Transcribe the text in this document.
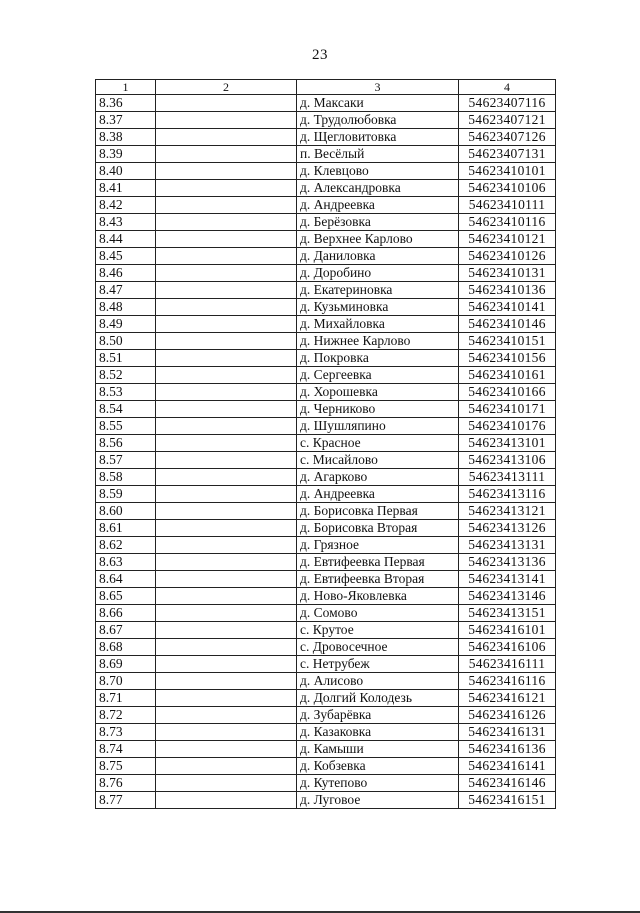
23
1	2	3	4
8.36		д. Максаки	54623407116
8.37		д. Трудолюбовка	54623407121
8.38		д. Щегловитовка	54623407126
8.39		п. Весёлый	54623407131
8.40		д. Клевцово	54623410101
8.41		д. Александровка	54623410106
8.42		д. Андреевка	54623410111
8.43		д. Берёзовка	54623410116
8.44		д. Верхнее Карлово	54623410121
8.45		д. Даниловка	54623410126
8.46		д. Доробино	54623410131
8.47		д. Екатериновка	54623410136
8.48		д. Кузьминовка	54623410141
8.49		д. Михайловка	54623410146
8.50		д. Нижнее Карлово	54623410151
8.51		д. Покровка	54623410156
8.52		д. Сергеевка	54623410161
8.53		д. Хорошевка	54623410166
8.54		д. Черниково	54623410171
8.55		д. Шушляпино	54623410176
8.56		с. Красное	54623413101
8.57		с. Мисайлово	54623413106
8.58		д. Агарково	54623413111
8.59		д. Андреевка	54623413116
8.60		д. Борисовка Первая	54623413121
8.61		д. Борисовка Вторая	54623413126
8.62		д. Грязное	54623413131
8.63		д. Евтифеевка Первая	54623413136
8.64		д. Евтифеевка Вторая	54623413141
8.65		д. Ново-Яковлевка	54623413146
8.66		д. Сомово	54623413151
8.67		с. Крутое	54623416101
8.68		с. Дровосечное	54623416106
8.69		с. Нетрубеж	54623416111
8.70		д. Алисово	54623416116
8.71		д. Долгий Колодезь	54623416121
8.72		д. Зубарёвка	54623416126
8.73		д. Казаковка	54623416131
8.74		д. Камыши	54623416136
8.75		д. Кобзевка	54623416141
8.76		д. Кутепово	54623416146
8.77		д. Луговое	54623416151
